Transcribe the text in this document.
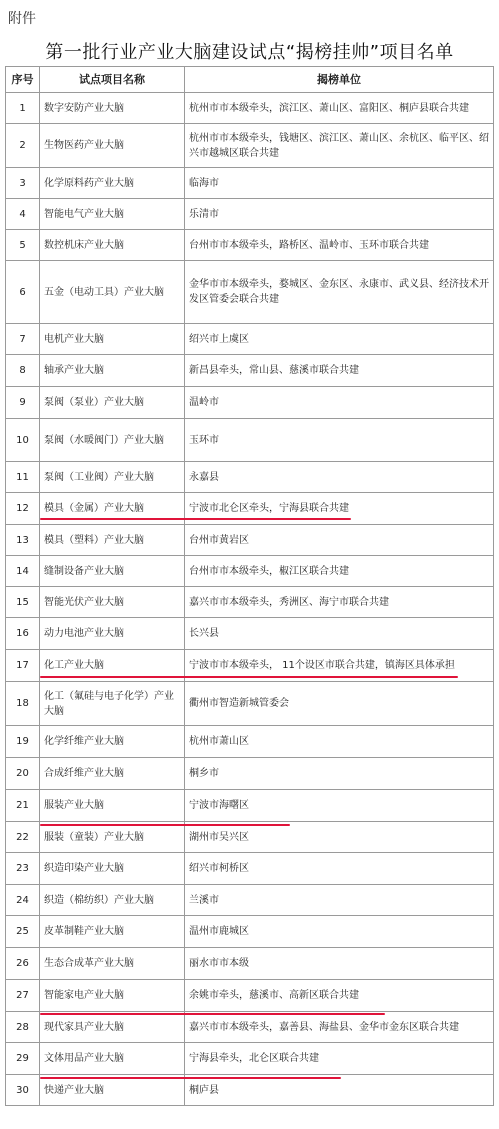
附件
第一批行业产业大脑建设试点“揭榜挂帅”项目名单
序号	试点项目名称	揭榜单位
1	数字安防产业大脑	杭州市市本级牵头，滨江区、萧山区、富阳区、桐庐县联合共建
2	生物医药产业大脑	杭州市市本级牵头，钱塘区、滨江区、萧山区、余杭区、临平区、绍兴市越城区联合共建
3	化学原料药产业大脑	临海市
4	智能电气产业大脑	乐清市
5	数控机床产业大脑	台州市市本级牵头，路桥区、温岭市、玉环市联合共建
6	五金（电动工具）产业大脑	金华市市本级牵头，婺城区、金东区、永康市、武义县、经济技术开发区管委会联合共建
7	电机产业大脑	绍兴市上虞区
8	轴承产业大脑	新昌县牵头，常山县、慈溪市联合共建
9	泵阀（泵业）产业大脑	温岭市
10	泵阀（水暖阀门）产业大脑	玉环市
11	泵阀（工业阀）产业大脑	永嘉县
12	模具（金属）产业大脑	宁波市北仑区牵头，宁海县联合共建
13	模具（塑料）产业大脑	台州市黄岩区
14	缝制设备产业大脑	台州市市本级牵头，椒江区联合共建
15	智能光伏产业大脑	嘉兴市市本级牵头，秀洲区、海宁市联合共建
16	动力电池产业大脑	长兴县
17	化工产业大脑	宁波市市本级牵头， 11个设区市联合共建，镇海区具体承担
18	化工（氟硅与电子化学）产业大脑	衢州市智造新城管委会
19	化学纤维产业大脑	杭州市萧山区
20	合成纤维产业大脑	桐乡市
21	服装产业大脑	宁波市海曙区
22	服装（童装）产业大脑	湖州市吴兴区
23	织造印染产业大脑	绍兴市柯桥区
24	织造（棉纺织）产业大脑	兰溪市
25	皮革制鞋产业大脑	温州市鹿城区
26	生态合成革产业大脑	丽水市市本级
27	智能家电产业大脑	余姚市牵头，慈溪市、高新区联合共建
28	现代家具产业大脑	嘉兴市市本级牵头，嘉善县、海盐县、金华市金东区联合共建
29	文体用品产业大脑	宁海县牵头，北仑区联合共建
30	快递产业大脑	桐庐县
